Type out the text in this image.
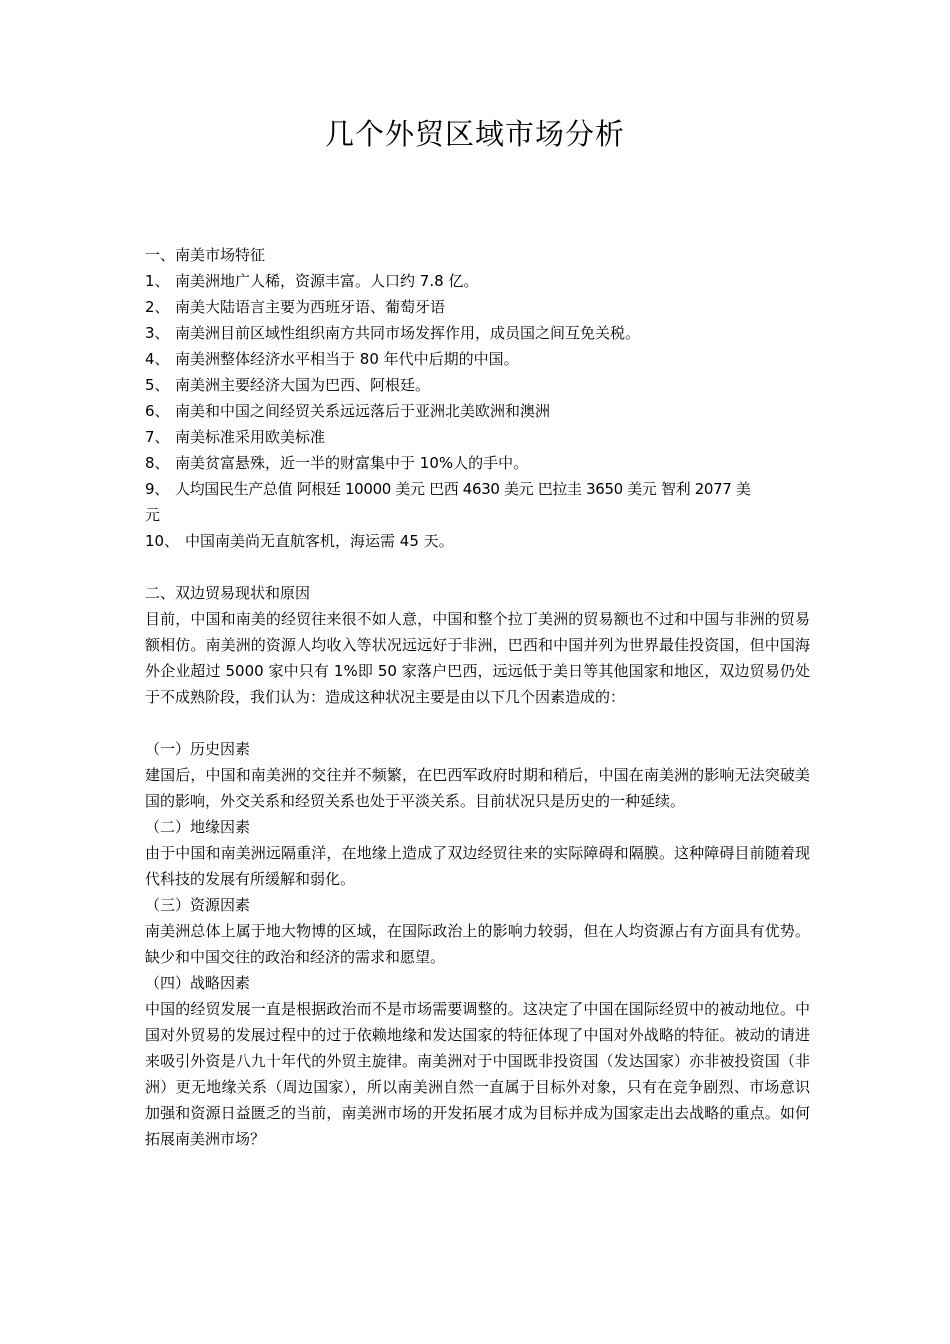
几个外贸区域市场分析
一、南美市场特征
1、 南美洲地广人稀，资源丰富。人口约 7.8 亿。
2、 南美大陆语言主要为西班牙语、葡萄牙语
3、 南美洲目前区域性组织南方共同市场发挥作用，成员国之间互免关税。
4、 南美洲整体经济水平相当于 80 年代中后期的中国。
5、 南美洲主要经济大国为巴西、阿根廷。
6、 南美和中国之间经贸关系远远落后于亚洲北美欧洲和澳洲
7、 南美标准采用欧美标准
8、 南美贫富悬殊，近一半的财富集中于 10%人的手中。
9、 人均国民生产总值 阿根廷 10000 美元 巴西 4630 美元 巴拉圭 3650 美元 智利 2077 美
元
10、 中国南美尚无直航客机，海运需 45 天。
二、双边贸易现状和原因

目前，中国和南美的经贸往来很不如人意，中国和整个拉丁美洲的贸易额也不过和中国与非洲的贸易额相仿。南美洲的资源人均收入等状况远远好于非洲，巴西和中国并列为世界最佳投资国，但中国海外企业超过 5000 家中只有 1%即 50 家落户巴西，远远低于美日等其他国家和地区，双边贸易仍处于不成熟阶段，我们认为：造成这种状况主要是由以下几个因素造成的：

（一）历史因素

建国后，中国和南美洲的交往并不频繁，在巴西军政府时期和稍后，中国在南美洲的影响无法突破美国的影响，外交关系和经贸关系也处于平淡关系。目前状况只是历史的一种延续。

（二）地缘因素

由于中国和南美洲远隔重洋，在地缘上造成了双边经贸往来的实际障碍和隔膜。这种障碍目前随着现代科技的发展有所缓解和弱化。

（三）资源因素

南美洲总体上属于地大物博的区域，在国际政治上的影响力较弱，但在人均资源占有方面具有优势。缺少和中国交往的政治和经济的需求和愿望。

（四）战略因素

中国的经贸发展一直是根据政治而不是市场需要调整的。这决定了中国在国际经贸中的被动地位。中国对外贸易的发展过程中的过于依赖地缘和发达国家的特征体现了中国对外战略的特征。被动的请进来吸引外资是八九十年代的外贸主旋律。南美洲对于中国既非投资国（发达国家）亦非被投资国（非洲）更无地缘关系（周边国家），所以南美洲自然一直属于目标外对象，只有在竞争剧烈、市场意识加强和资源日益匮乏的当前，南美洲市场的开发拓展才成为目标并成为国家走出去战略的重点。如何拓展南美洲市场？
